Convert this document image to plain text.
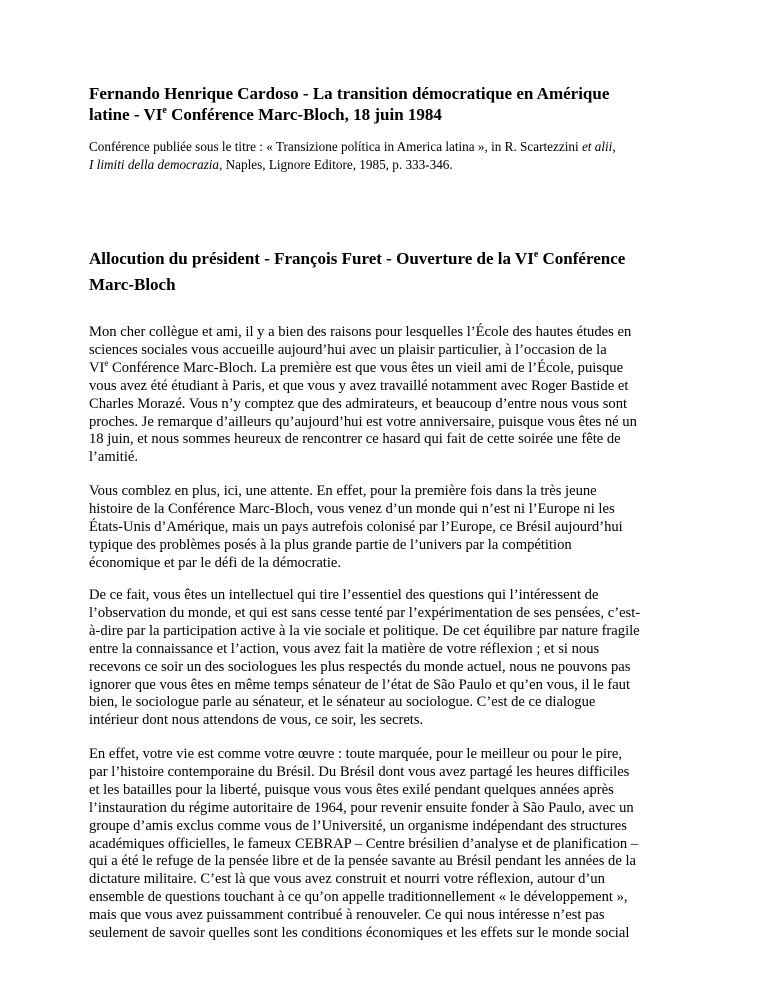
Fernando Henrique Cardoso - La transition démocratique en Amérique
latine - VIe Conférence Marc-Bloch, 18 juin 1984
Conférence publiée sous le titre : « Transizione política in America latina », in R. Scartezzini et alii,
I limiti della democrazia, Naples, Lignore Editore, 1985, p. 333-346.
Allocution du président - François Furet - Ouverture de la VIe Conférence
Marc-Bloch
Mon cher collègue et ami, il y a bien des raisons pour lesquelles l’École des hautes études en
sciences sociales vous accueille aujourd’hui avec un plaisir particulier, à l’occasion de la
VIe Conférence Marc-Bloch. La première est que vous êtes un vieil ami de l’École, puisque
vous avez été étudiant à Paris, et que vous y avez travaillé notamment avec Roger Bastide et
Charles Morazé. Vous n’y comptez que des admirateurs, et beaucoup d’entre nous vous sont
proches. Je remarque d’ailleurs qu’aujourd’hui est votre anniversaire, puisque vous êtes né un
18 juin, et nous sommes heureux de rencontrer ce hasard qui fait de cette soirée une fête de
l’amitié.
Vous comblez en plus, ici, une attente. En effet, pour la première fois dans la très jeune
histoire de la Conférence Marc-Bloch, vous venez d’un monde qui n’est ni l’Europe ni les
États-Unis d’Amérique, mais un pays autrefois colonisé par l’Europe, ce Brésil aujourd’hui
typique des problèmes posés à la plus grande partie de l’univers par la compétition
économique et par le défi de la démocratie.
De ce fait, vous êtes un intellectuel qui tire l’essentiel des questions qui l’intéressent de
l’observation du monde, et qui est sans cesse tenté par l’expérimentation de ses pensées, c’est-
à-dire par la participation active à la vie sociale et politique. De cet équilibre par nature fragile
entre la connaissance et l’action, vous avez fait la matière de votre réflexion ; et si nous
recevons ce soir un des sociologues les plus respectés du monde actuel, nous ne pouvons pas
ignorer que vous êtes en même temps sénateur de l’état de São Paulo et qu’en vous, il le faut
bien, le sociologue parle au sénateur, et le sénateur au sociologue. C’est de ce dialogue
intérieur dont nous attendons de vous, ce soir, les secrets.
En effet, votre vie est comme votre œuvre : toute marquée, pour le meilleur ou pour le pire,
par l’histoire contemporaine du Brésil. Du Brésil dont vous avez partagé les heures difficiles
et les batailles pour la liberté, puisque vous vous êtes exilé pendant quelques années après
l’instauration du régime autoritaire de 1964, pour revenir ensuite fonder à São Paulo, avec un
groupe d’amis exclus comme vous de l’Université, un organisme indépendant des structures
académiques officielles, le fameux CEBRAP – Centre brésilien d’analyse et de planification –
qui a été le refuge de la pensée libre et de la pensée savante au Brésil pendant les années de la
dictature militaire. C’est là que vous avez construit et nourri votre réflexion, autour d’un
ensemble de questions touchant à ce qu’on appelle traditionnellement « le développement »,
mais que vous avez puissamment contribué à renouveler. Ce qui nous intéresse n’est pas
seulement de savoir quelles sont les conditions économiques et les effets sur le monde social
